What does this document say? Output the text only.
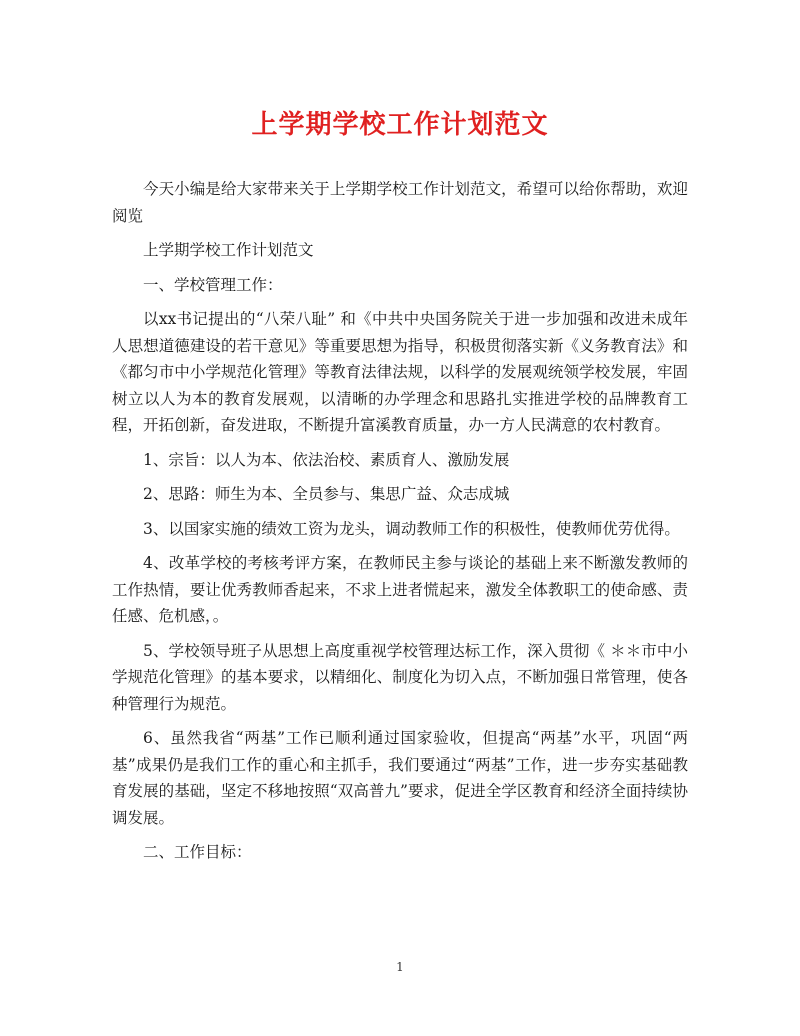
上学期学校工作计划范文

今天小编是给大家带来关于上学期学校工作计划范文，希望可以给你帮助，欢迎阅览

上学期学校工作计划范文

一、学校管理工作：

以xx书记提出的“八荣八耻” 和《中共中央国务院关于进一步加强和改进未成年人思想道德建设的若干意见》等重要思想为指导，积极贯彻落实新《义务教育法》和《都匀市中小学规范化管理》等教育法律法规，以科学的发展观统领学校发展，牢固树立以人为本的教育发展观，以清晰的办学理念和思路扎实推进学校的品牌教育工程，开拓创新，奋发进取，不断提升富溪教育质量，办一方人民满意的农村教育。

1、宗旨：以人为本、依法治校、素质育人、激励发展

2、思路：师生为本、全员参与、集思广益、众志成城

3、以国家实施的绩效工资为龙头，调动教师工作的积极性，使教师优劳优得。

4、改革学校的考核考评方案，在教师民主参与谈论的基础上来不断激发教师的工作热情，要让优秀教师香起来，不求上进者慌起来，激发全体教职工的使命感、责任感、危机感，。

5、学校领导班子从思想上高度重视学校管理达标工作，深入贯彻《 ＊＊市中小学规范化管理》的基本要求，以精细化、制度化为切入点，不断加强日常管理，使各种管理行为规范。

6、虽然我省“两基”工作已顺利通过国家验收，但提高“两基”水平，巩固“两基”成果仍是我们工作的重心和主抓手，我们要通过“两基”工作，进一步夯实基础教育发展的基础，坚定不移地按照“双高普九”要求，促进全学区教育和经济全面持续协调发展。

二、工作目标：

1
